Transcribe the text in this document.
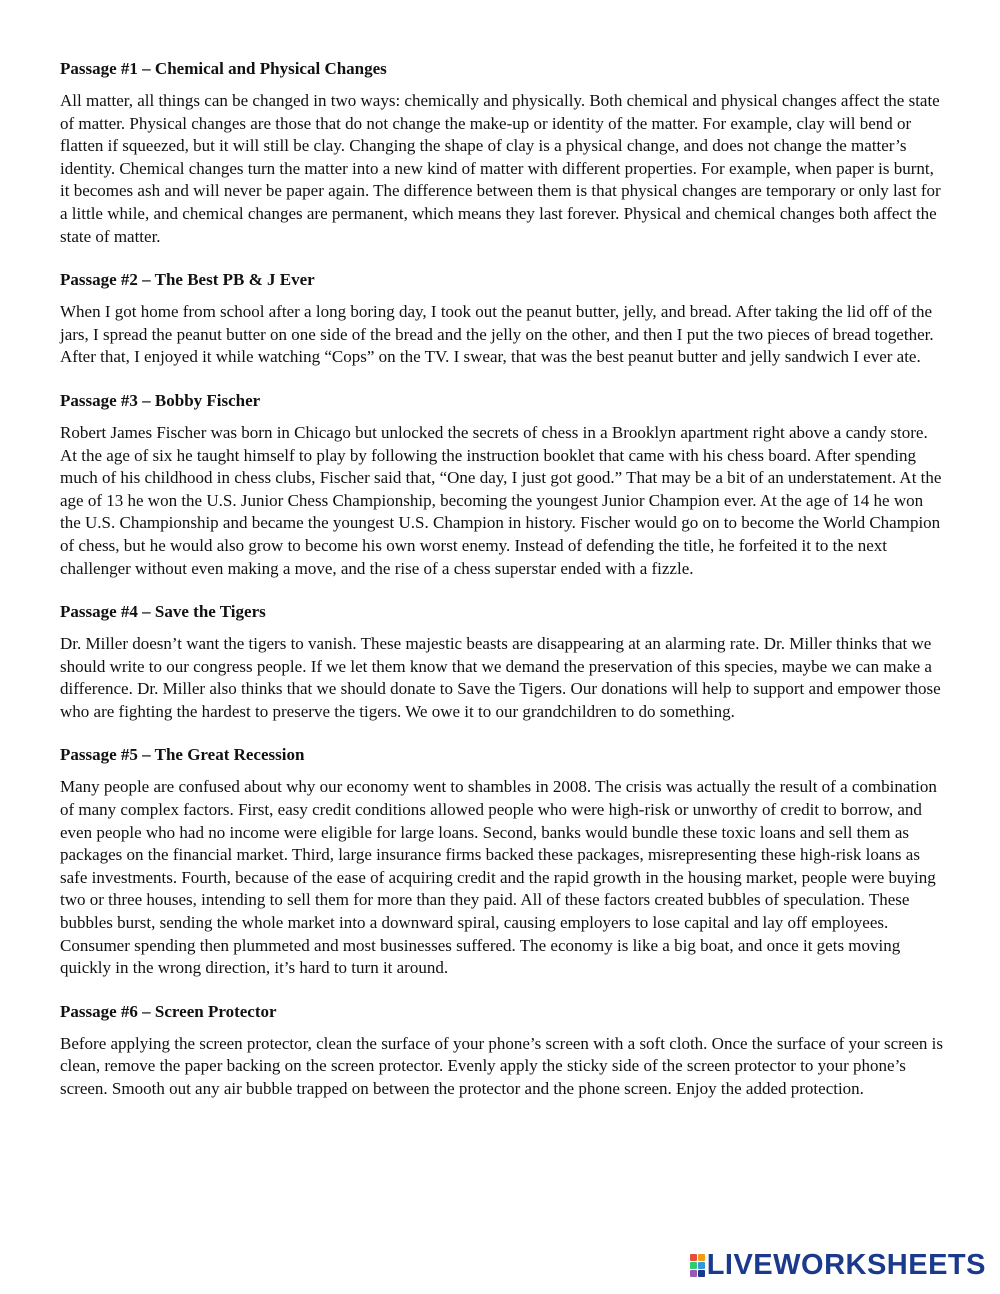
Passage #1 – Chemical and Physical Changes

All matter, all things can be changed in two ways: chemically and physically. Both chemical and physical changes affect the state of matter. Physical changes are those that do not change the make-up or identity of the matter. For example, clay will bend or flatten if squeezed, but it will still be clay. Changing the shape of clay is a physical change, and does not change the matter’s identity. Chemical changes turn the matter into a new kind of matter with different properties. For example, when paper is burnt, it becomes ash and will never be paper again. The difference between them is that physical changes are temporary or only last for a little while, and chemical changes are permanent, which means they last forever. Physical and chemical changes both affect the state of matter.

Passage #2 – The Best PB & J Ever

When I got home from school after a long boring day, I took out the peanut butter, jelly, and bread. After taking the lid off of the jars, I spread the peanut butter on one side of the bread and the jelly on the other, and then I put the two pieces of bread together. After that, I enjoyed it while watching “Cops” on the TV. I swear, that was the best peanut butter and jelly sandwich I ever ate.

Passage #3 – Bobby Fischer

Robert James Fischer was born in Chicago but unlocked the secrets of chess in a Brooklyn apartment right above a candy store. At the age of six he taught himself to play by following the instruction booklet that came with his chess board. After spending much of his childhood in chess clubs, Fischer said that, “One day, I just got good.” That may be a bit of an understatement. At the age of 13 he won the U.S. Junior Chess Championship, becoming the youngest Junior Champion ever. At the age of 14 he won the U.S. Championship and became the youngest U.S. Champion in history. Fischer would go on to become the World Champion of chess, but he would also grow to become his own worst enemy. Instead of defending the title, he forfeited it to the next challenger without even making a move, and the rise of a chess superstar ended with a fizzle.

Passage #4 – Save the Tigers

Dr. Miller doesn’t want the tigers to vanish. These majestic beasts are disappearing at an alarming rate. Dr. Miller thinks that we should write to our congress people. If we let them know that we demand the preservation of this species, maybe we can make a difference. Dr. Miller also thinks that we should donate to Save the Tigers. Our donations will help to support and empower those who are fighting the hardest to preserve the tigers. We owe it to our grandchildren to do something.

Passage #5 – The Great Recession

Many people are confused about why our economy went to shambles in 2008. The crisis was actually the result of a combination of many complex factors. First, easy credit conditions allowed people who were high-risk or unworthy of credit to borrow, and even people who had no income were eligible for large loans. Second, banks would bundle these toxic loans and sell them as packages on the financial market. Third, large insurance firms backed these packages, misrepresenting these high-risk loans as safe investments. Fourth, because of the ease of acquiring credit and the rapid growth in the housing market, people were buying two or three houses, intending to sell them for more than they paid. All of these factors created bubbles of speculation. These bubbles burst, sending the whole market into a downward spiral, causing employers to lose capital and lay off employees. Consumer spending then plummeted and most businesses suffered. The economy is like a big boat, and once it gets moving quickly in the wrong direction, it’s hard to turn it around.

Passage #6 – Screen Protector

Before applying the screen protector, clean the surface of your phone’s screen with a soft cloth. Once the surface of your screen is clean, remove the paper backing on the screen protector. Evenly apply the sticky side of the screen protector to your phone’s screen. Smooth out any air bubble trapped on between the protector and the phone screen. Enjoy the added protection.

LIVEWORKSHEETS
